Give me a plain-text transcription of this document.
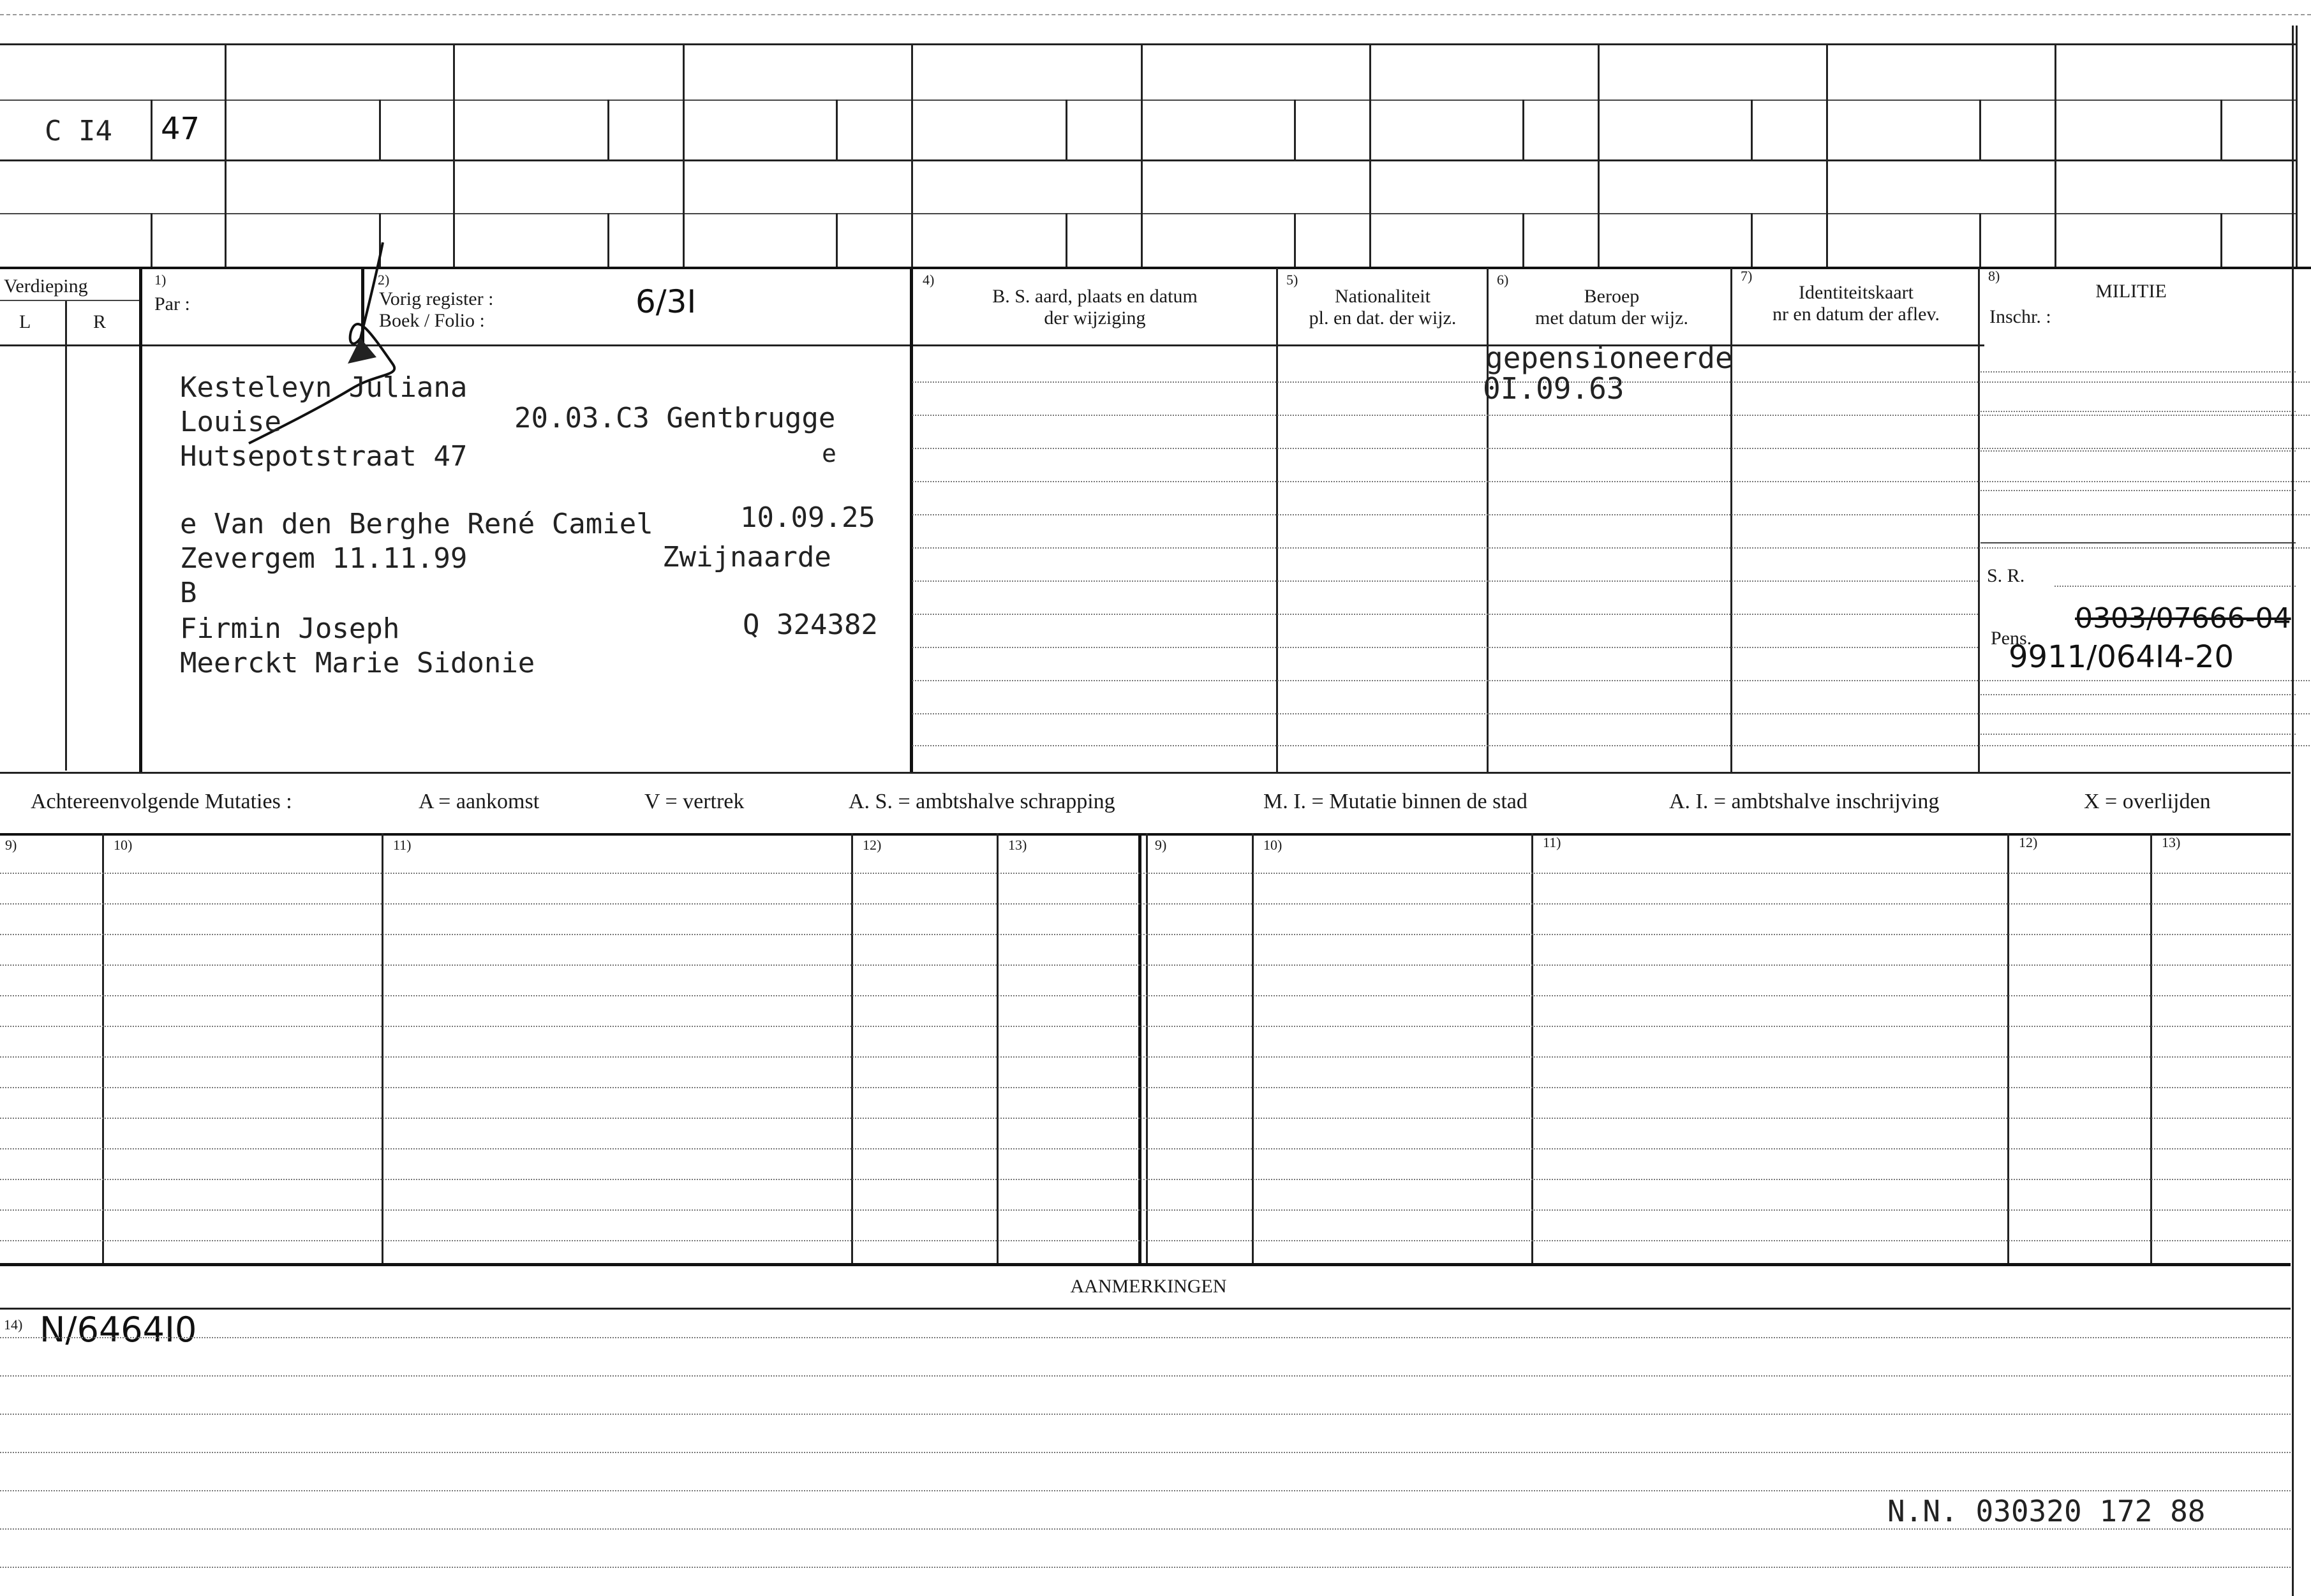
C I4 47
Verdieping
L	R
1)
Par :
2)
Vorig register :
Boek / Folio :
6/3I
4)
B. S. aard, plaats en datum
der wijziging
5)
Nationaliteit
pl. en dat. der wijz.
6)
Beroep
met datum der wijz.
7)
Identiteitskaart
nr en datum der aflev.
8)
MILITIE
Inschr. :
Kesteleyn Juliana
Louise	20.03.C3 Gentbrugge
Hutsepotstraat 47	e
e Van den Berghe René Camiel	10.09.25
Zevergem 11.11.99	Zwijnaarde
B
Firmin Joseph	Q 324382
Meerckt Marie Sidonie
gepensioneerde
0I.09.63
S. R.
Pens.
0303/07666-04
9911/064I4-20
Achtereenvolgende Mutaties :	A = aankomst	V = vertrek	A. S. = ambtshalve schrapping	M. I. = Mutatie binnen de stad	A. I. = ambtshalve inschrijving	X = overlijden
9)	10)	11)	12)	13)	9)	10)	11)	12)	13)
AANMERKINGEN
14) N/6464I0
N.N. 030320 172 88
